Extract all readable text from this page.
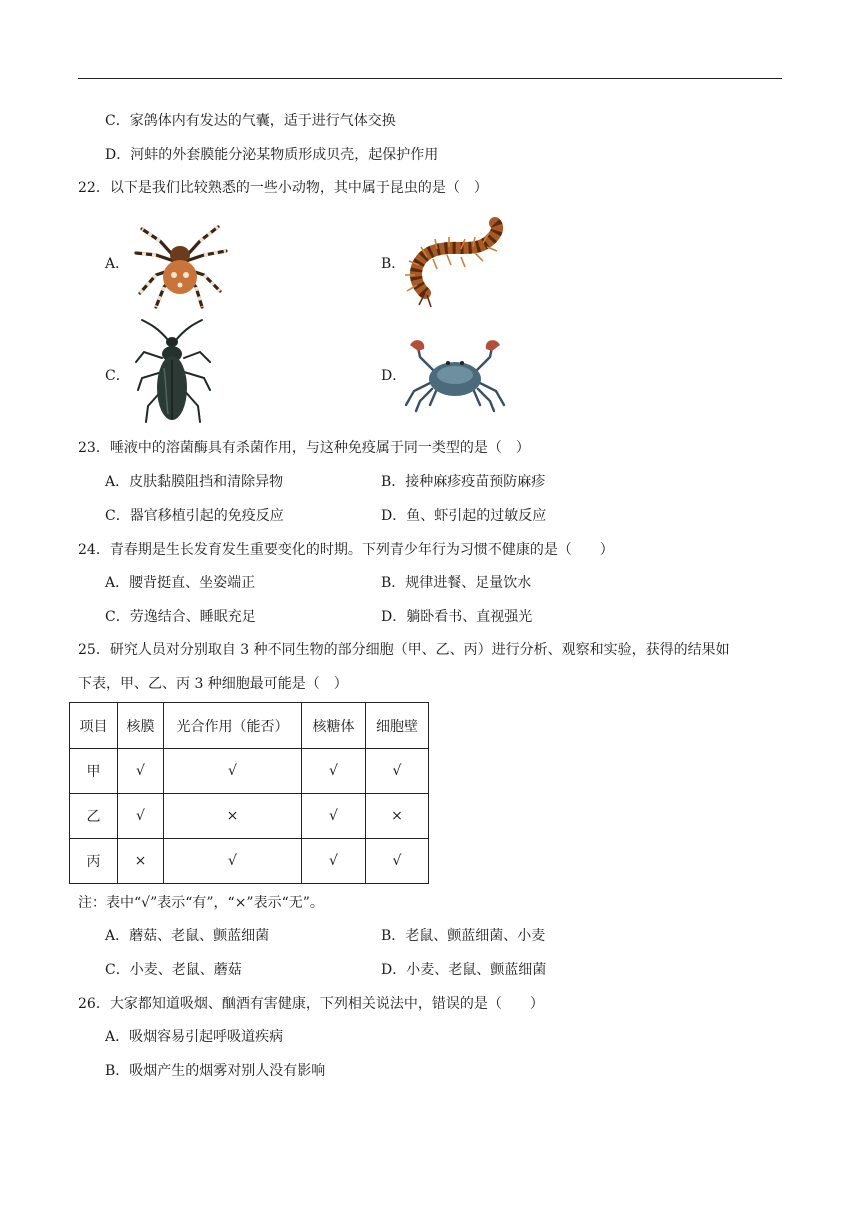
C．家鸽体内有发达的气囊，适于进行气体交换
D．河蚌的外套膜能分泌某物质形成贝壳，起保护作用
22．以下是我们比较熟悉的一些小动物，其中属于昆虫的是（　）
A．	B．
C．	D．
23．唾液中的溶菌酶具有杀菌作用，与这种免疫属于同一类型的是（　）
A．皮肤黏膜阻挡和清除异物	B．接种麻疹疫苗预防麻疹
C．器官移植引起的免疫反应	D．鱼、虾引起的过敏反应
24．青春期是生长发育发生重要变化的时期。下列青少年行为习惯不健康的是（　　）
A．腰背挺直、坐姿端正	B．规律进餐、足量饮水
C．劳逸结合、睡眠充足	D．躺卧看书、直视强光
25．研究人员对分别取自 3 种不同生物的部分细胞（甲、乙、丙）进行分析、观察和实验，获得的结果如
下表，甲、乙、丙 3 种细胞最可能是（　）
项目	核膜	光合作用（能否）	核糖体	细胞壁
甲	√	√	√	√
乙	√	×	√	×
丙	×	√	√	√
注：表中“√”表示“有”，“×”表示“无”。
A．蘑菇、老鼠、颤蓝细菌	B．老鼠、颤蓝细菌、小麦
C．小麦、老鼠、蘑菇	D．小麦、老鼠、颤蓝细菌
26．大家都知道吸烟、酗酒有害健康，下列相关说法中，错误的是（　　）
A．吸烟容易引起呼吸道疾病
B．吸烟产生的烟雾对别人没有影响
